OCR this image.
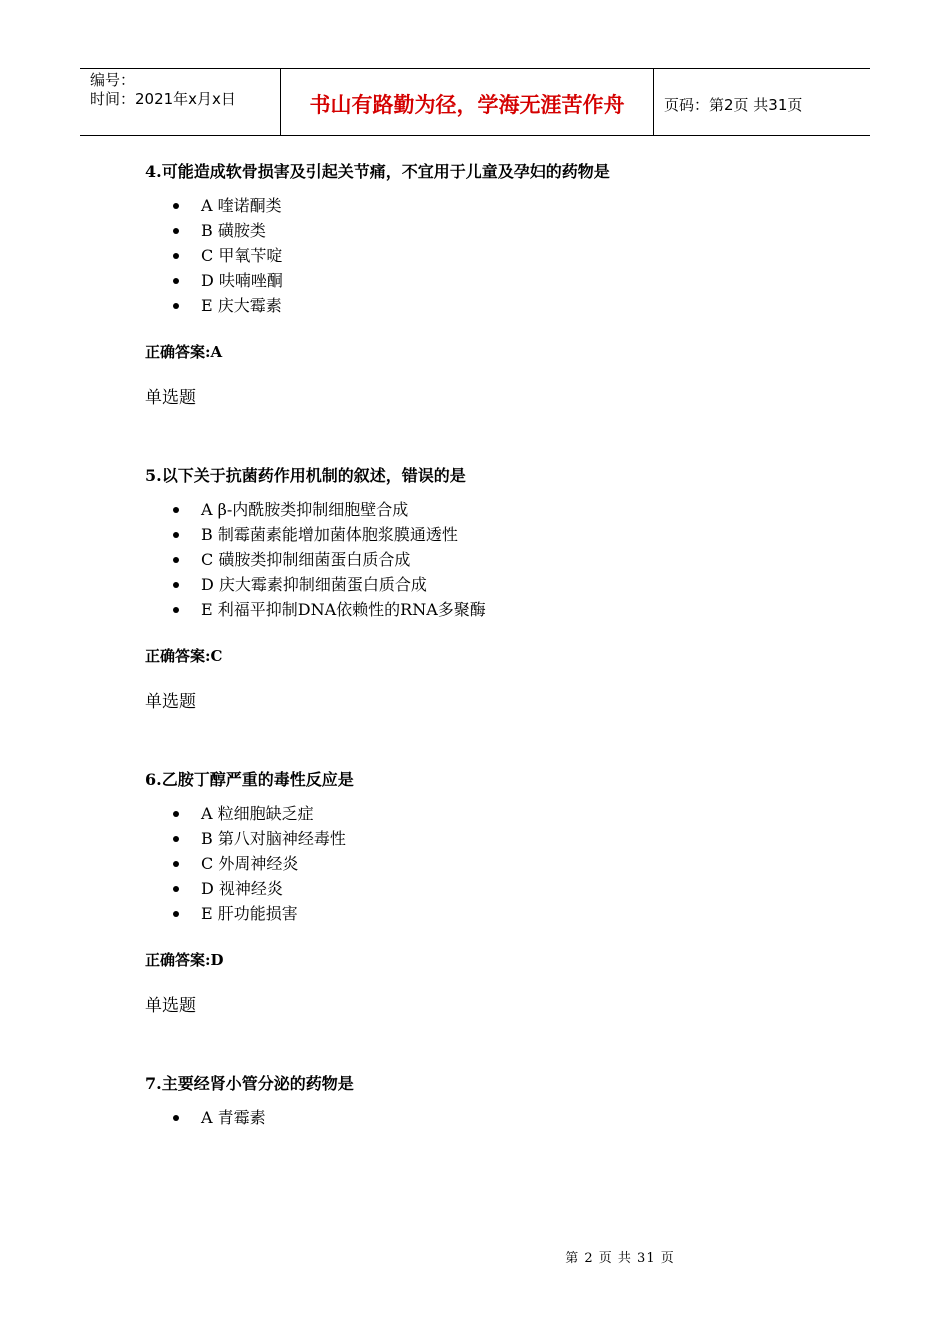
编号：
时间：2021年x月x日	书山有路勤为径，学海无涯苦作舟	页码：第2页 共31页

4.可能造成软骨损害及引起关节痛，不宜用于儿童及孕妇的药物是

A 喹诺酮类
B 磺胺类
C 甲氧苄啶
D 呋喃唑酮
E 庆大霉素
正确答案:A
单选题

5.以下关于抗菌药作用机制的叙述，错误的是

A β-内酰胺类抑制细胞壁合成
B 制霉菌素能增加菌体胞浆膜通透性
C 磺胺类抑制细菌蛋白质合成
D 庆大霉素抑制细菌蛋白质合成
E 利福平抑制DNA依赖性的RNA多聚酶
正确答案:C
单选题

6.乙胺丁醇严重的毒性反应是

A 粒细胞缺乏症
B 第八对脑神经毒性
C 外周神经炎
D 视神经炎
E 肝功能损害
正确答案:D
单选题

7.主要经肾小管分泌的药物是

A 青霉素
第 2 页 共 31 页
